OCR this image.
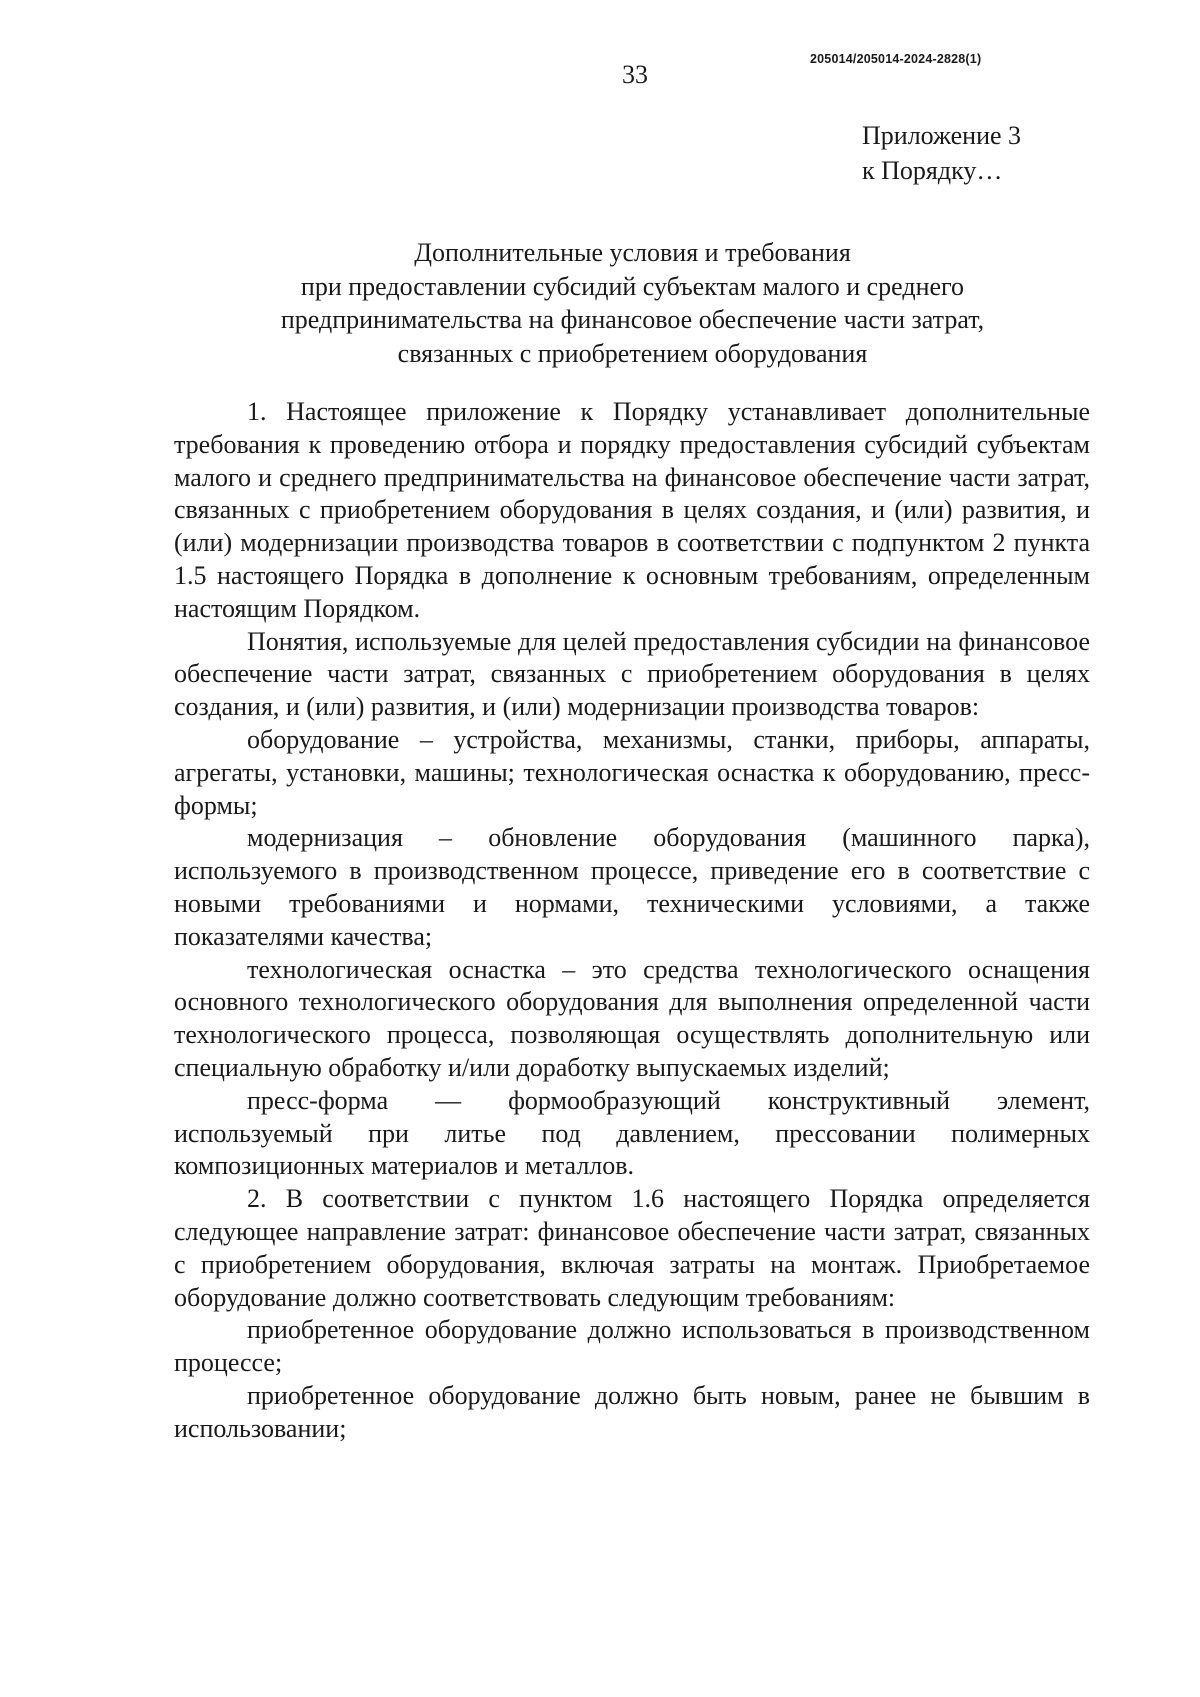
205014/205014-2024-2828(1)
33
Приложение 3
к Порядку…
Дополнительные условия и требования
при предоставлении субсидий субъектам малого и среднего
предпринимательства на финансовое обеспечение части затрат,
связанных с приобретением оборудования

1. Настоящее приложение к Порядку устанавливает дополнительные требования к проведению отбора и порядку предоставления субсидий субъектам малого и среднего предпринимательства на финансовое обеспечение части затрат, связанных с приобретением оборудования в целях создания, и (или) развития, и (или) модернизации производства товаров в соответствии с подпунктом 2 пункта 1.5 настоящего Порядка в дополнение к основным требованиям, определенным настоящим Порядком.

Понятия, используемые для целей предоставления субсидии на финансовое обеспечение части затрат, связанных с приобретением оборудования в целях создания, и (или) развития, и (или) модернизации производства товаров:

оборудование – устройства, механизмы, станки, приборы, аппараты, агрегаты, установки, машины; технологическая оснастка к оборудованию, пресс-формы;

модернизация – обновление оборудования (машинного парка), используемого в производственном процессе, приведение его в соответствие с новыми требованиями и нормами, техническими условиями, а также показателями качества;

технологическая оснастка – это средства технологического оснащения основного технологического оборудования для выполнения определенной части технологического процесса, позволяющая осуществлять дополнительную или специальную обработку и/или доработку выпускаемых изделий;

пресс-форма — формообразующий конструктивный элемент, используемый при литье под давлением, прессовании полимерных композиционных материалов и металлов.

2. В соответствии с пунктом 1.6 настоящего Порядка определяется следующее направление затрат: финансовое обеспечение части затрат, связанных с приобретением оборудования, включая затраты на монтаж. Приобретаемое оборудование должно соответствовать следующим требованиям:

приобретенное оборудование должно использоваться в производственном процессе;

приобретенное оборудование должно быть новым, ранее не бывшим в использовании;
